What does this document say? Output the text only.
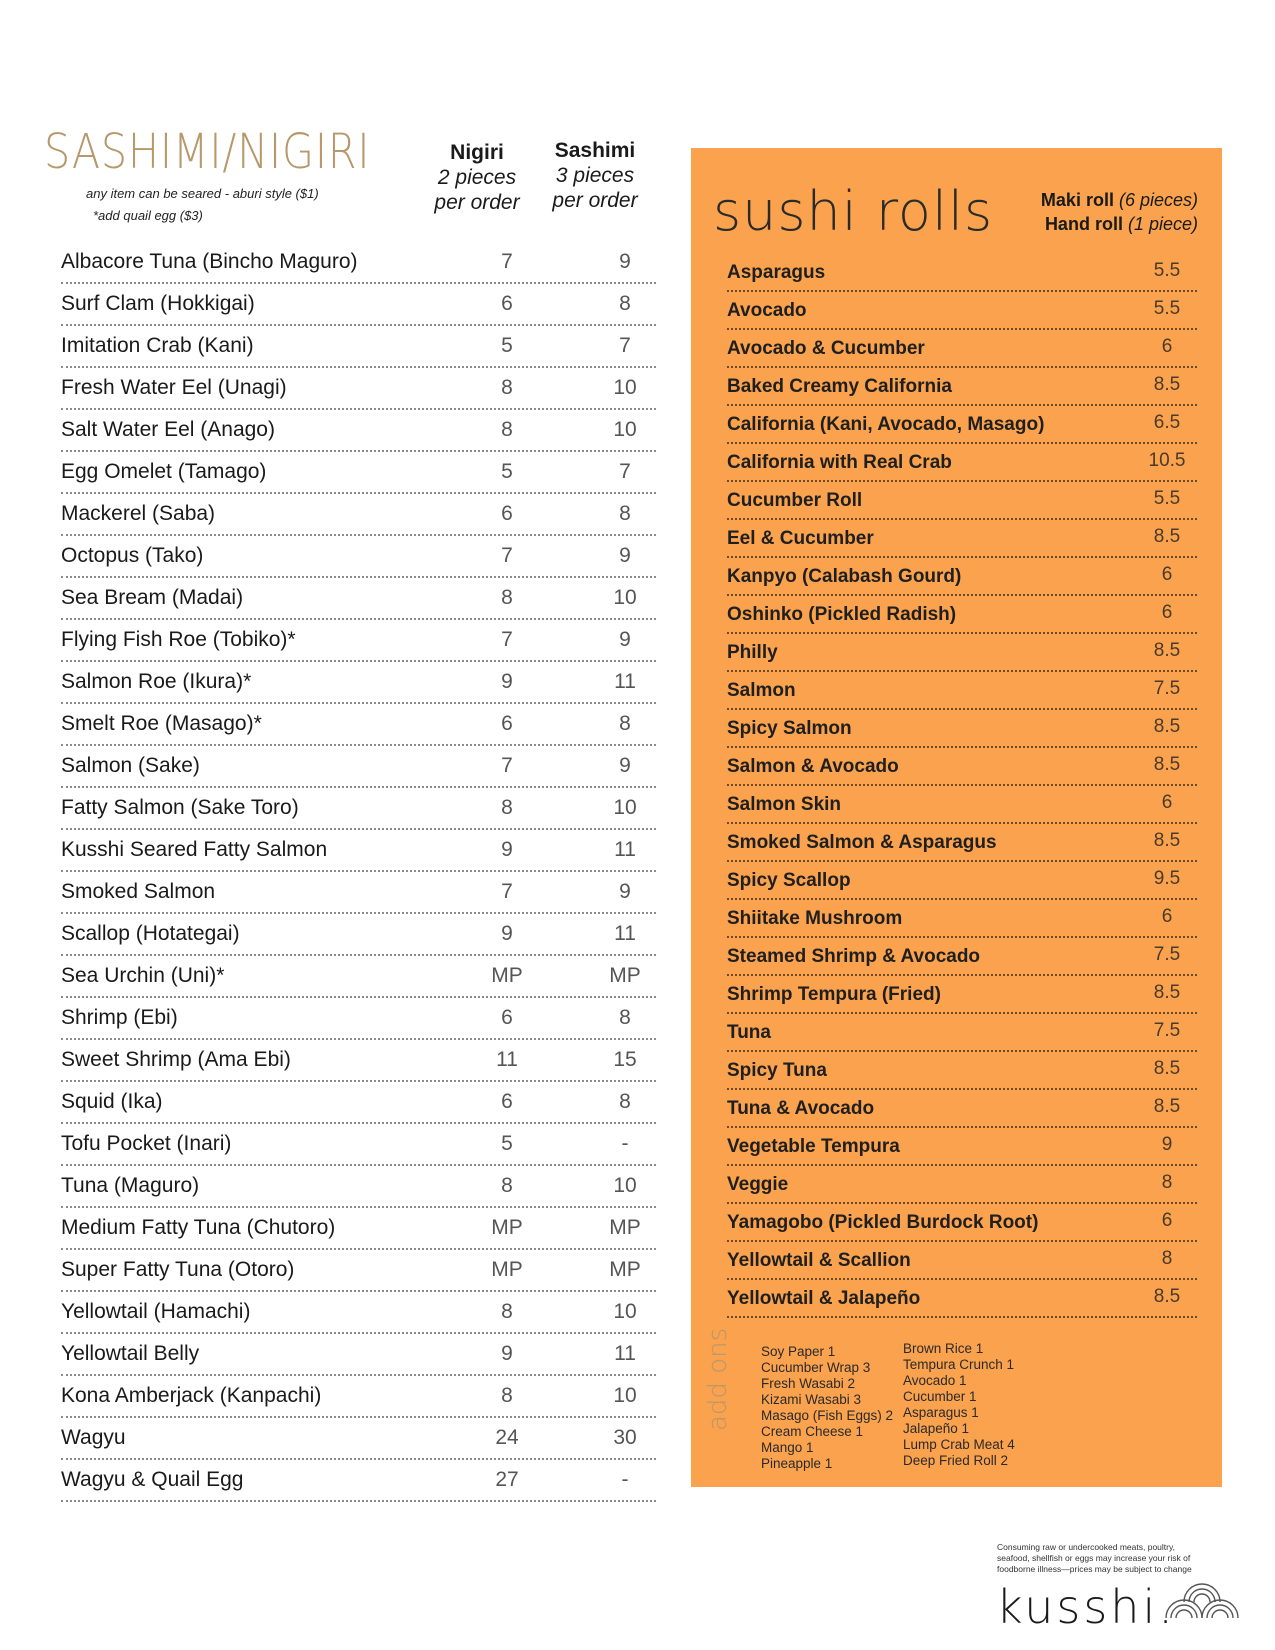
SASHIMI/NIGIRI
any item can be seared - aburi style ($1)
*add quail egg ($3)
Nigiri
2 pieces
per order
Sashimi
3 pieces
per order
Albacore Tuna (Bincho Maguro)	7	9
Surf Clam (Hokkigai)	6	8
Imitation Crab (Kani)	5	7
Fresh Water Eel (Unagi)	8	10
Salt Water Eel (Anago)	8	10
Egg Omelet (Tamago)	5	7
Mackerel (Saba)	6	8
Octopus (Tako)	7	9
Sea Bream (Madai)	8	10
Flying Fish Roe (Tobiko)*	7	9
Salmon Roe (Ikura)*	9	11
Smelt Roe (Masago)*	6	8
Salmon (Sake)	7	9
Fatty Salmon (Sake Toro)	8	10
Kusshi Seared Fatty Salmon	9	11
Smoked Salmon	7	9
Scallop (Hotategai)	9	11
Sea Urchin (Uni)*	MP	MP
Shrimp (Ebi)	6	8
Sweet Shrimp (Ama Ebi)	11	15
Squid (Ika)	6	8
Tofu Pocket (Inari)	5	-
Tuna (Maguro)	8	10
Medium Fatty Tuna (Chutoro)	MP	MP
Super Fatty Tuna (Otoro)	MP	MP
Yellowtail (Hamachi)	8	10
Yellowtail Belly	9	11
Kona Amberjack (Kanpachi)	8	10
Wagyu	24	30
Wagyu & Quail Egg	27	-
sushi rolls	Maki roll (6 pieces)
Hand roll (1 piece)
Asparagus	5.5
Avocado	5.5
Avocado & Cucumber	6
Baked Creamy California	8.5
California (Kani, Avocado, Masago)	6.5
California with Real Crab	10.5
Cucumber Roll	5.5
Eel & Cucumber	8.5
Kanpyo (Calabash Gourd)	6
Oshinko (Pickled Radish)	6
Philly	8.5
Salmon	7.5
Spicy Salmon	8.5
Salmon & Avocado	8.5
Salmon Skin	6
Smoked Salmon & Asparagus	8.5
Spicy Scallop	9.5
Shiitake Mushroom	6
Steamed Shrimp & Avocado	7.5
Shrimp Tempura (Fried)	8.5
Tuna	7.5
Spicy Tuna	8.5
Tuna & Avocado	8.5
Vegetable Tempura	9
Veggie	8
Yamagobo (Pickled Burdock Root)	6
Yellowtail & Scallion	8
Yellowtail & Jalapeño	8.5
add ons Soy Paper 1
Cucumber Wrap 3
Fresh Wasabi 2
Kizami Wasabi 3
Masago (Fish Eggs) 2
Cream Cheese 1
Mango 1
Pineapple 1
Brown Rice 1
Tempura Crunch 1
Avocado 1
Cucumber 1
Asparagus 1
Jalapeño 1
Lump Crab Meat 4
Deep Fried Roll 2
Consuming raw or undercooked meats, poultry, seafood, shellfish or eggs may increase your risk of foodborne illness—prices may be subject to change
kusshi.
